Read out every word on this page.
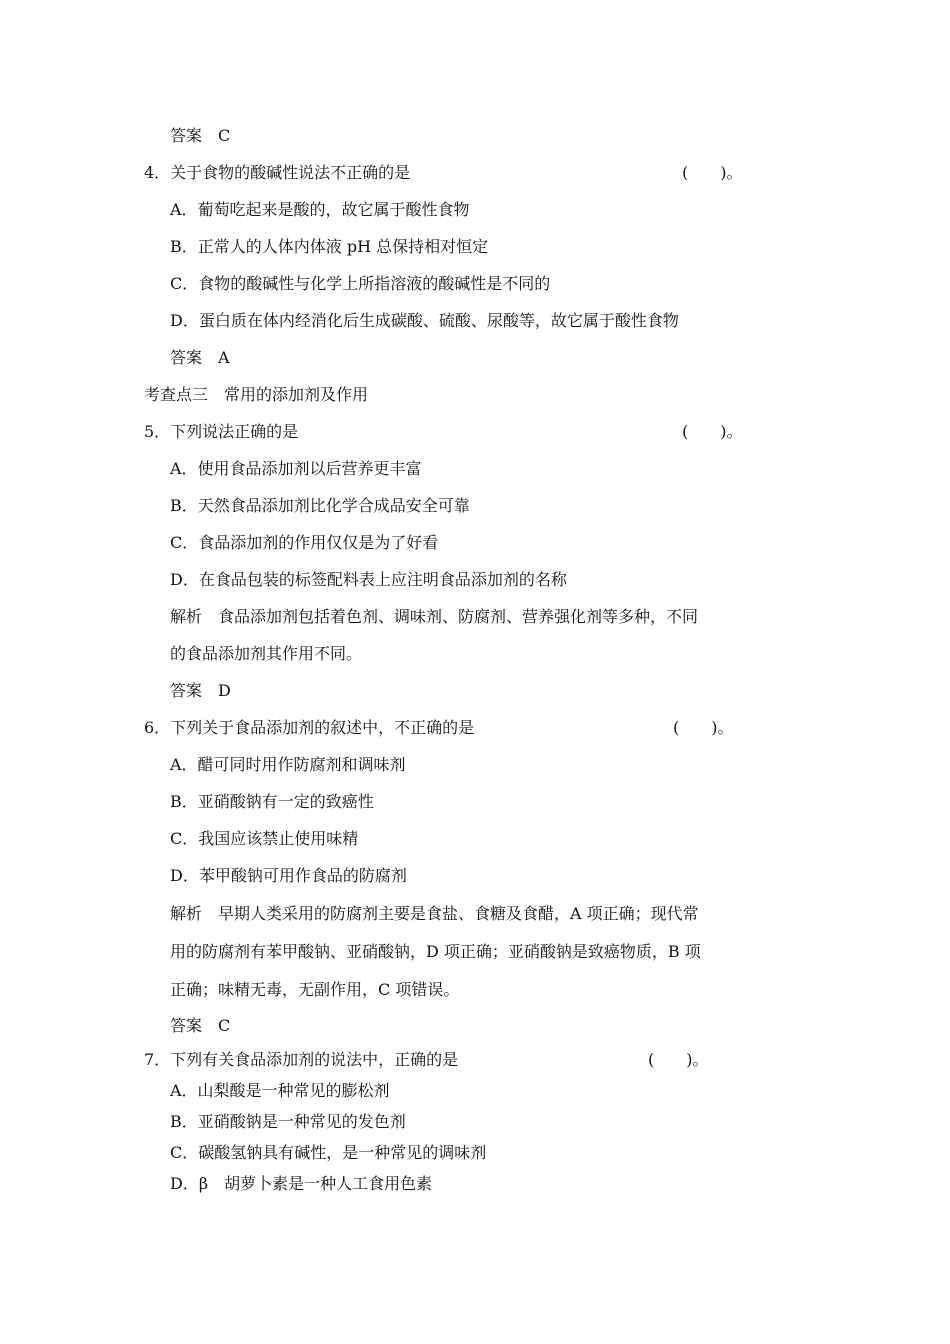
答案　C
4．关于食物的酸碱性说法不正确的是	(　　)。
A．葡萄吃起来是酸的，故它属于酸性食物
B．正常人的人体内体液 pH 总保持相对恒定
C．食物的酸碱性与化学上所指溶液的酸碱性是不同的
D．蛋白质在体内经消化后生成碳酸、硫酸、尿酸等，故它属于酸性食物
答案　A
考查点三　常用的添加剂及作用
5．下列说法正确的是	(　　)。
A．使用食品添加剂以后营养更丰富
B．天然食品添加剂比化学合成品安全可靠
C．食品添加剂的作用仅仅是为了好看
D．在食品包装的标签配料表上应注明食品添加剂的名称
解析　食品添加剂包括着色剂、调味剂、防腐剂、营养强化剂等多种，不同
的食品添加剂其作用不同。
答案　D
6．下列关于食品添加剂的叙述中，不正确的是	(　　)。
A．醋可同时用作防腐剂和调味剂
B．亚硝酸钠有一定的致癌性
C．我国应该禁止使用味精
D．苯甲酸钠可用作食品的防腐剂
解析　早期人类采用的防腐剂主要是食盐、食糖及食醋，A 项正确；现代常
用的防腐剂有苯甲酸钠、亚硝酸钠，D 项正确；亚硝酸钠是致癌物质，B 项
正确；味精无毒，无副作用，C 项错误。
答案　C
7．下列有关食品添加剂的说法中，正确的是	(　　)。
A．山梨酸是一种常见的膨松剂
B．亚硝酸钠是一种常见的发色剂
C．碳酸氢钠具有碱性，是一种常见的调味剂
D．β　胡萝卜素是一种人工食用色素
